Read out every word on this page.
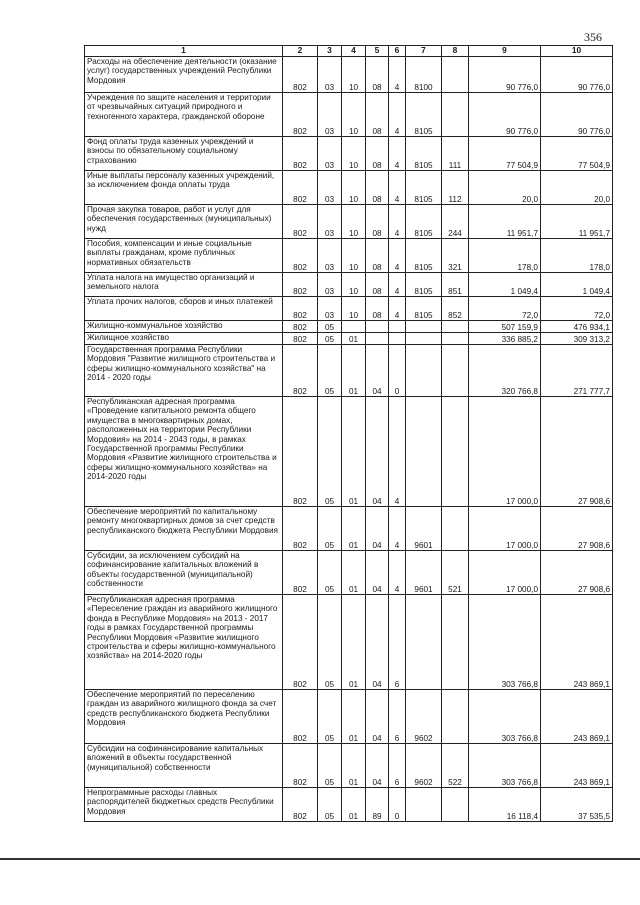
356
1	2	3	4	5	6	7	8	9	10
Расходы на обеспечение деятельности (оказание услуг) государственных учреждений Республики Мордовия	802	03	10	08	4	8100		90 776,0	90 776,0
Учреждения по защите населения и территории от чрезвычайных ситуаций природного и техногенного характера, гражданской обороне	802	03	10	08	4	8105		90 776,0	90 776,0
Фонд оплаты труда казенных учреждений и взносы по обязательному социальному страхованию	802	03	10	08	4	8105	111	77 504,9	77 504,9
Иные выплаты персоналу казенных учреждений, за исключением фонда оплаты труда	802	03	10	08	4	8105	112	20,0	20,0
Прочая закупка товаров, работ и услуг для обеспечения государственных (муниципальных) нужд	802	03	10	08	4	8105	244	11 951,7	11 951,7
Пособия, компенсации и иные социальные выплаты гражданам, кроме публичных нормативных обязательств	802	03	10	08	4	8105	321	178,0	178,0
Уплата налога на имущество организаций и земельного налога	802	03	10	08	4	8105	851	1 049,4	1 049,4
Уплата прочих налогов, сборов и иных платежей	802	03	10	08	4	8105	852	72,0	72,0
Жилищно-коммунальное хозяйство	802	05						507 159,9	476 934,1
Жилищное хозяйство	802	05	01					336 885,2	309 313,2
Государственная программа Республики Мордовия "Развитие жилищного строительства и сферы жилищно-коммунального хозяйства" на 2014 - 2020 годы	802	05	01	04	0			320 766,8	271 777,7
Республиканская адресная программа «Проведение капитального ремонта общего имущества в многоквартирных домах, расположенных на территории Республики Мордовия» на 2014 - 2043 годы, в рамках Государственной программы Республики Мордовия «Развитие жилищного строительства и сферы жилищно-коммунального хозяйства» на 2014-2020 годы	802	05	01	04	4			17 000,0	27 908,6
Обеспечение мероприятий по капитальному ремонту многоквартирных домов за счет средств республиканского бюджета Республики Мордовия	802	05	01	04	4	9601		17 000,0	27 908,6
Субсидии, за исключением субсидий на софинансирование капитальных вложений в объекты государственной (муниципальной) собственности	802	05	01	04	4	9601	521	17 000,0	27 908,6
Республиканская адресная программа «Переселение граждан из аварийного жилищного фонда в Республике Мордовия» на 2013 - 2017 годы в рамках Государственной программы Республики Мордовия «Развитие жилищного строительства и сферы жилищно-коммунального хозяйства» на 2014-2020 годы	802	05	01	04	6			303 766,8	243 869,1
Обеспечение мероприятий по переселению граждан из аварийного жилищного фонда за счет средств республиканского бюджета Республики Мордовия	802	05	01	04	6	9602		303 766,8	243 869,1
Субсидии на софинансирование капитальных вложений в объекты государственной (муниципальной) собственности	802	05	01	04	6	9602	522	303 766,8	243 869,1
Непрограммные расходы главных распорядителей бюджетных средств Республики Мордовия	802	05	01	89	0			16 118,4	37 535,5
